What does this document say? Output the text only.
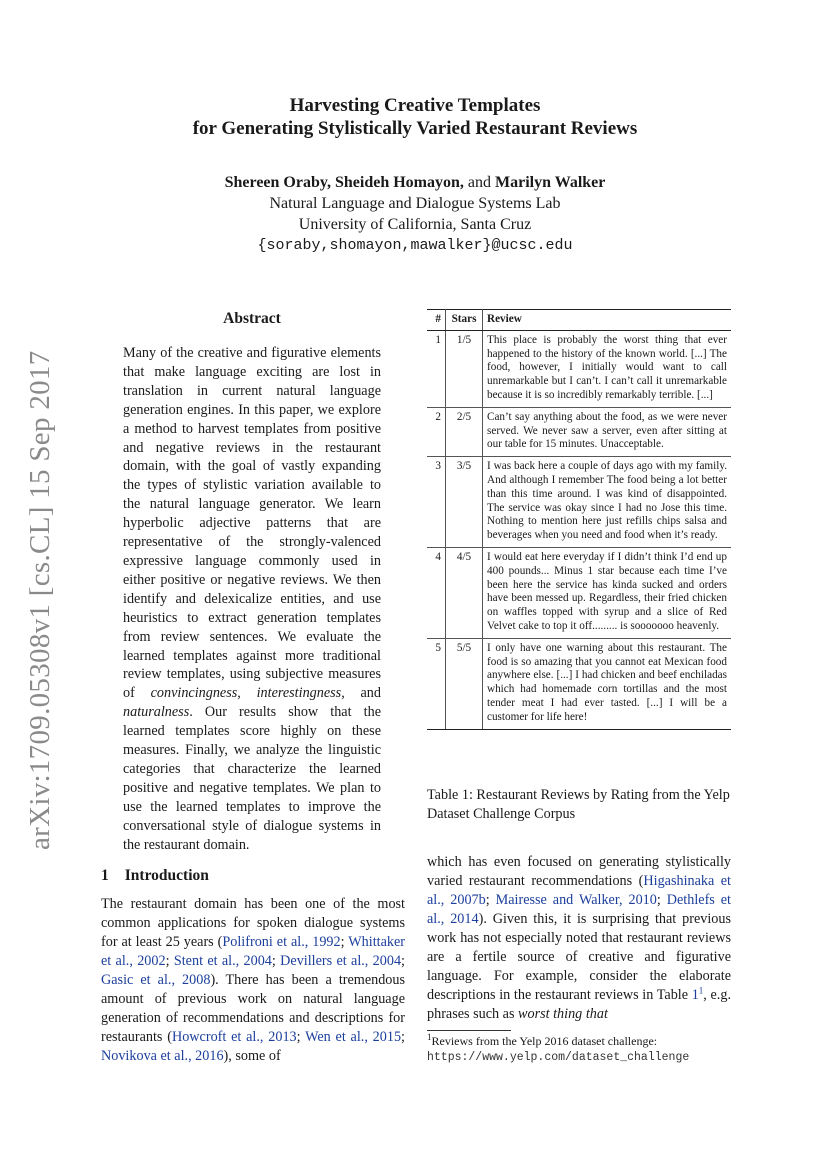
arXiv:1709.05308v1 [cs.CL] 15 Sep 2017
Harvesting Creative Templates
for Generating Stylistically Varied Restaurant Reviews
Shereen Oraby, Sheideh Homayon, and Marilyn Walker
Natural Language and Dialogue Systems Lab
University of California, Santa Cruz
{soraby,shomayon,mawalker}@ucsc.edu
Abstract
Many of the creative and figurative elements that make language exciting are lost in translation in current natural language generation engines. In this paper, we explore a method to harvest templates from positive and negative reviews in the restaurant domain, with the goal of vastly expanding the types of stylistic variation available to the natural language generator. We learn hyperbolic adjective patterns that are representative of the strongly-valenced expressive language commonly used in either positive or negative reviews. We then identify and delexicalize entities, and use heuristics to extract generation templates from review sentences. We evaluate the learned templates against more traditional review templates, using subjective measures of convincingness, interestingness, and naturalness. Our results show that the learned templates score highly on these measures. Finally, we analyze the linguistic categories that characterize the learned positive and negative templates. We plan to use the learned templates to improve the conversational style of dialogue systems in the restaurant domain.
1 Introduction
The restaurant domain has been one of the most common applications for spoken dialogue systems for at least 25 years (Polifroni et al., 1992; Whittaker et al., 2002; Stent et al., 2004; Devillers et al., 2004; Gasic et al., 2008). There has been a tremendous amount of previous work on natural language generation of recommendations and descriptions for restaurants (Howcroft et al., 2013; Wen et al., 2015; Novikova et al., 2016), some of
#	Stars	Review
1	1/5	This place is probably the worst thing that ever happened to the history of the known world. [...] The food, however, I initially would want to call unremarkable but I can’t. I can’t call it unremarkable because it is so incredibly remarkably terrible. [...]
2	2/5	Can’t say anything about the food, as we were never served. We never saw a server, even after sitting at our table for 15 minutes. Unacceptable.
3	3/5	I was back here a couple of days ago with my family. And although I remember The food being a lot better than this time around. I was kind of disappointed. The service was okay since I had no Jose this time. Nothing to mention here just refills chips salsa and beverages when you need and food when it’s ready.
4	4/5	I would eat here everyday if I didn’t think I’d end up 400 pounds... Minus 1 star because each time I’ve been here the service has kinda sucked and orders have been messed up. Regardless, their fried chicken on waffles topped with syrup and a slice of Red Velvet cake to top it off......... is sooooooo heavenly.
5	5/5	I only have one warning about this restaurant. The food is so amazing that you cannot eat Mexican food anywhere else. [...] I had chicken and beef enchiladas which had homemade corn tortillas and the most tender meat I had ever tasted. [...] I will be a customer for life here!
Table 1: Restaurant Reviews by Rating from the Yelp Dataset Challenge Corpus
which has even focused on generating stylistically varied restaurant recommendations (Higashinaka et al., 2007b; Mairesse and Walker, 2010; Dethlefs et al., 2014). Given this, it is surprising that previous work has not especially noted that restaurant reviews are a fertile source of creative and figurative language. For example, consider the elaborate descriptions in the restaurant reviews in Table 1$^1$, e.g. phrases such as worst thing that
$^1$Reviews from the Yelp 2016 dataset challenge:
https://www.yelp.com/dataset_challenge
